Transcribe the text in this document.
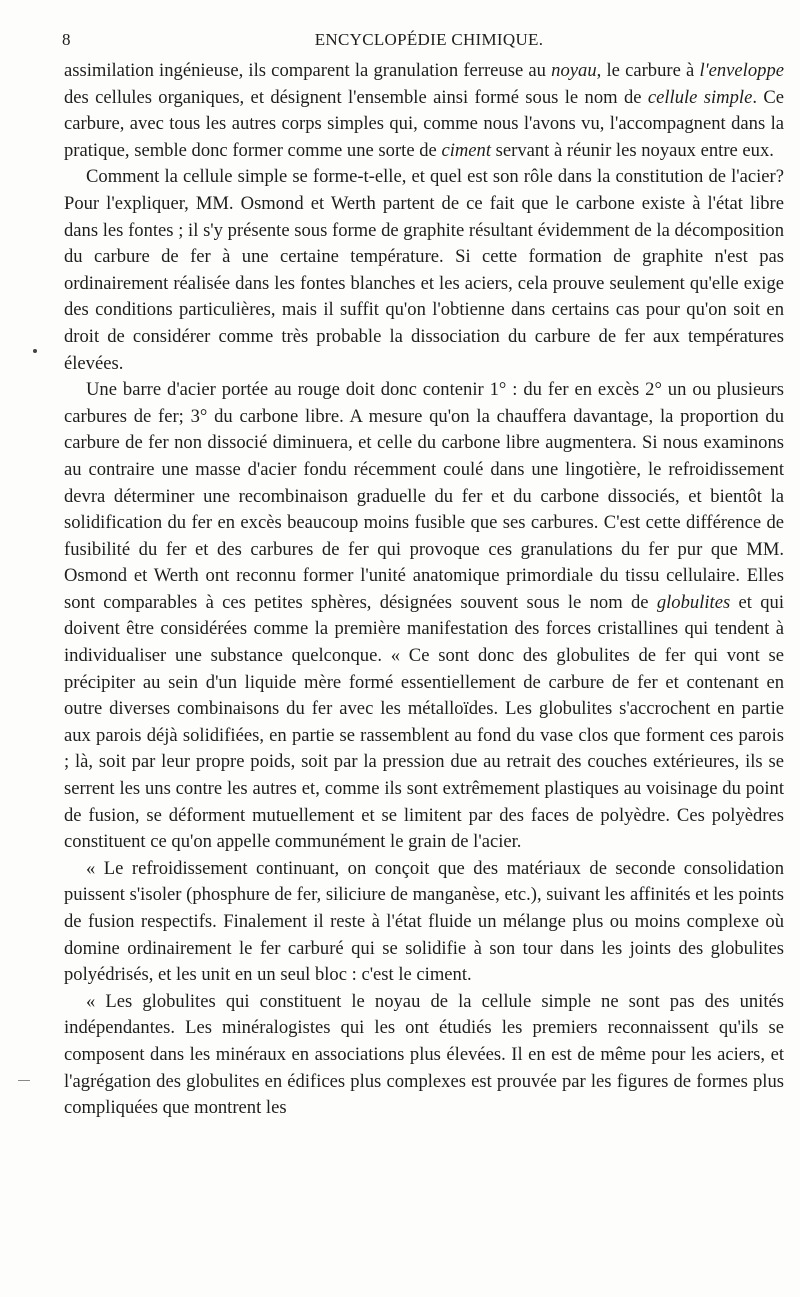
8	ENCYCLOPÉDIE CHIMIQUE.

assimilation ingénieuse, ils comparent la granulation ferreuse au noyau, le carbure à l'enveloppe des cellules organiques, et désignent l'ensemble ainsi formé sous le nom de cellule simple. Ce carbure, avec tous les autres corps simples qui, comme nous l'avons vu, l'accompagnent dans la pratique, semble donc former comme une sorte de ciment servant à réunir les noyaux entre eux.

Comment la cellule simple se forme-t-elle, et quel est son rôle dans la constitution de l'acier? Pour l'expliquer, MM. Osmond et Werth partent de ce fait que le carbone existe à l'état libre dans les fontes ; il s'y présente sous forme de graphite résultant évidemment de la décomposition du carbure de fer à une certaine température. Si cette formation de graphite n'est pas ordinairement réalisée dans les fontes blanches et les aciers, cela prouve seulement qu'elle exige des conditions particulières, mais il suffit qu'on l'obtienne dans certains cas pour qu'on soit en droit de considérer comme très probable la dissociation du carbure de fer aux températures élevées.

Une barre d'acier portée au rouge doit donc contenir 1° : du fer en excès 2° un ou plusieurs carbures de fer; 3° du carbone libre. A mesure qu'on la chauffera davantage, la proportion du carbure de fer non dissocié diminuera, et celle du carbone libre augmentera. Si nous examinons au contraire une masse d'acier fondu récemment coulé dans une lingotière, le refroidissement devra déterminer une recombinaison graduelle du fer et du carbone dissociés, et bientôt la solidification du fer en excès beaucoup moins fusible que ses carbures. C'est cette différence de fusibilité du fer et des carbures de fer qui provoque ces granulations du fer pur que MM. Osmond et Werth ont reconnu former l'unité anatomique primordiale du tissu cellulaire. Elles sont comparables à ces petites sphères, désignées souvent sous le nom de globulites et qui doivent être considérées comme la première manifestation des forces cristallines qui tendent à individualiser une substance quelconque. « Ce sont donc des globulites de fer qui vont se précipiter au sein d'un liquide mère formé essentiellement de carbure de fer et contenant en outre diverses combinaisons du fer avec les métalloïdes. Les globulites s'accrochent en partie aux parois déjà solidifiées, en partie se rassemblent au fond du vase clos que forment ces parois ; là, soit par leur propre poids, soit par la pression due au retrait des couches extérieures, ils se serrent les uns contre les autres et, comme ils sont extrêmement plastiques au voisinage du point de fusion, se déforment mutuellement et se limitent par des faces de polyèdre. Ces polyèdres constituent ce qu'on appelle communément le grain de l'acier.

« Le refroidissement continuant, on conçoit que des matériaux de seconde consolidation puissent s'isoler (phosphure de fer, siliciure de manganèse, etc.), suivant les affinités et les points de fusion respectifs. Finalement il reste à l'état fluide un mélange plus ou moins complexe où domine ordinairement le fer carburé qui se solidifie à son tour dans les joints des globulites polyédrisés, et les unit en un seul bloc : c'est le ciment.

« Les globulites qui constituent le noyau de la cellule simple ne sont pas des unités indépendantes. Les minéralogistes qui les ont étudiés les premiers reconnaissent qu'ils se composent dans les minéraux en associations plus élevées. Il en est de même pour les aciers, et l'agrégation des globulites en édifices plus complexes est prouvée par les figures de formes plus compliquées que montrent les
